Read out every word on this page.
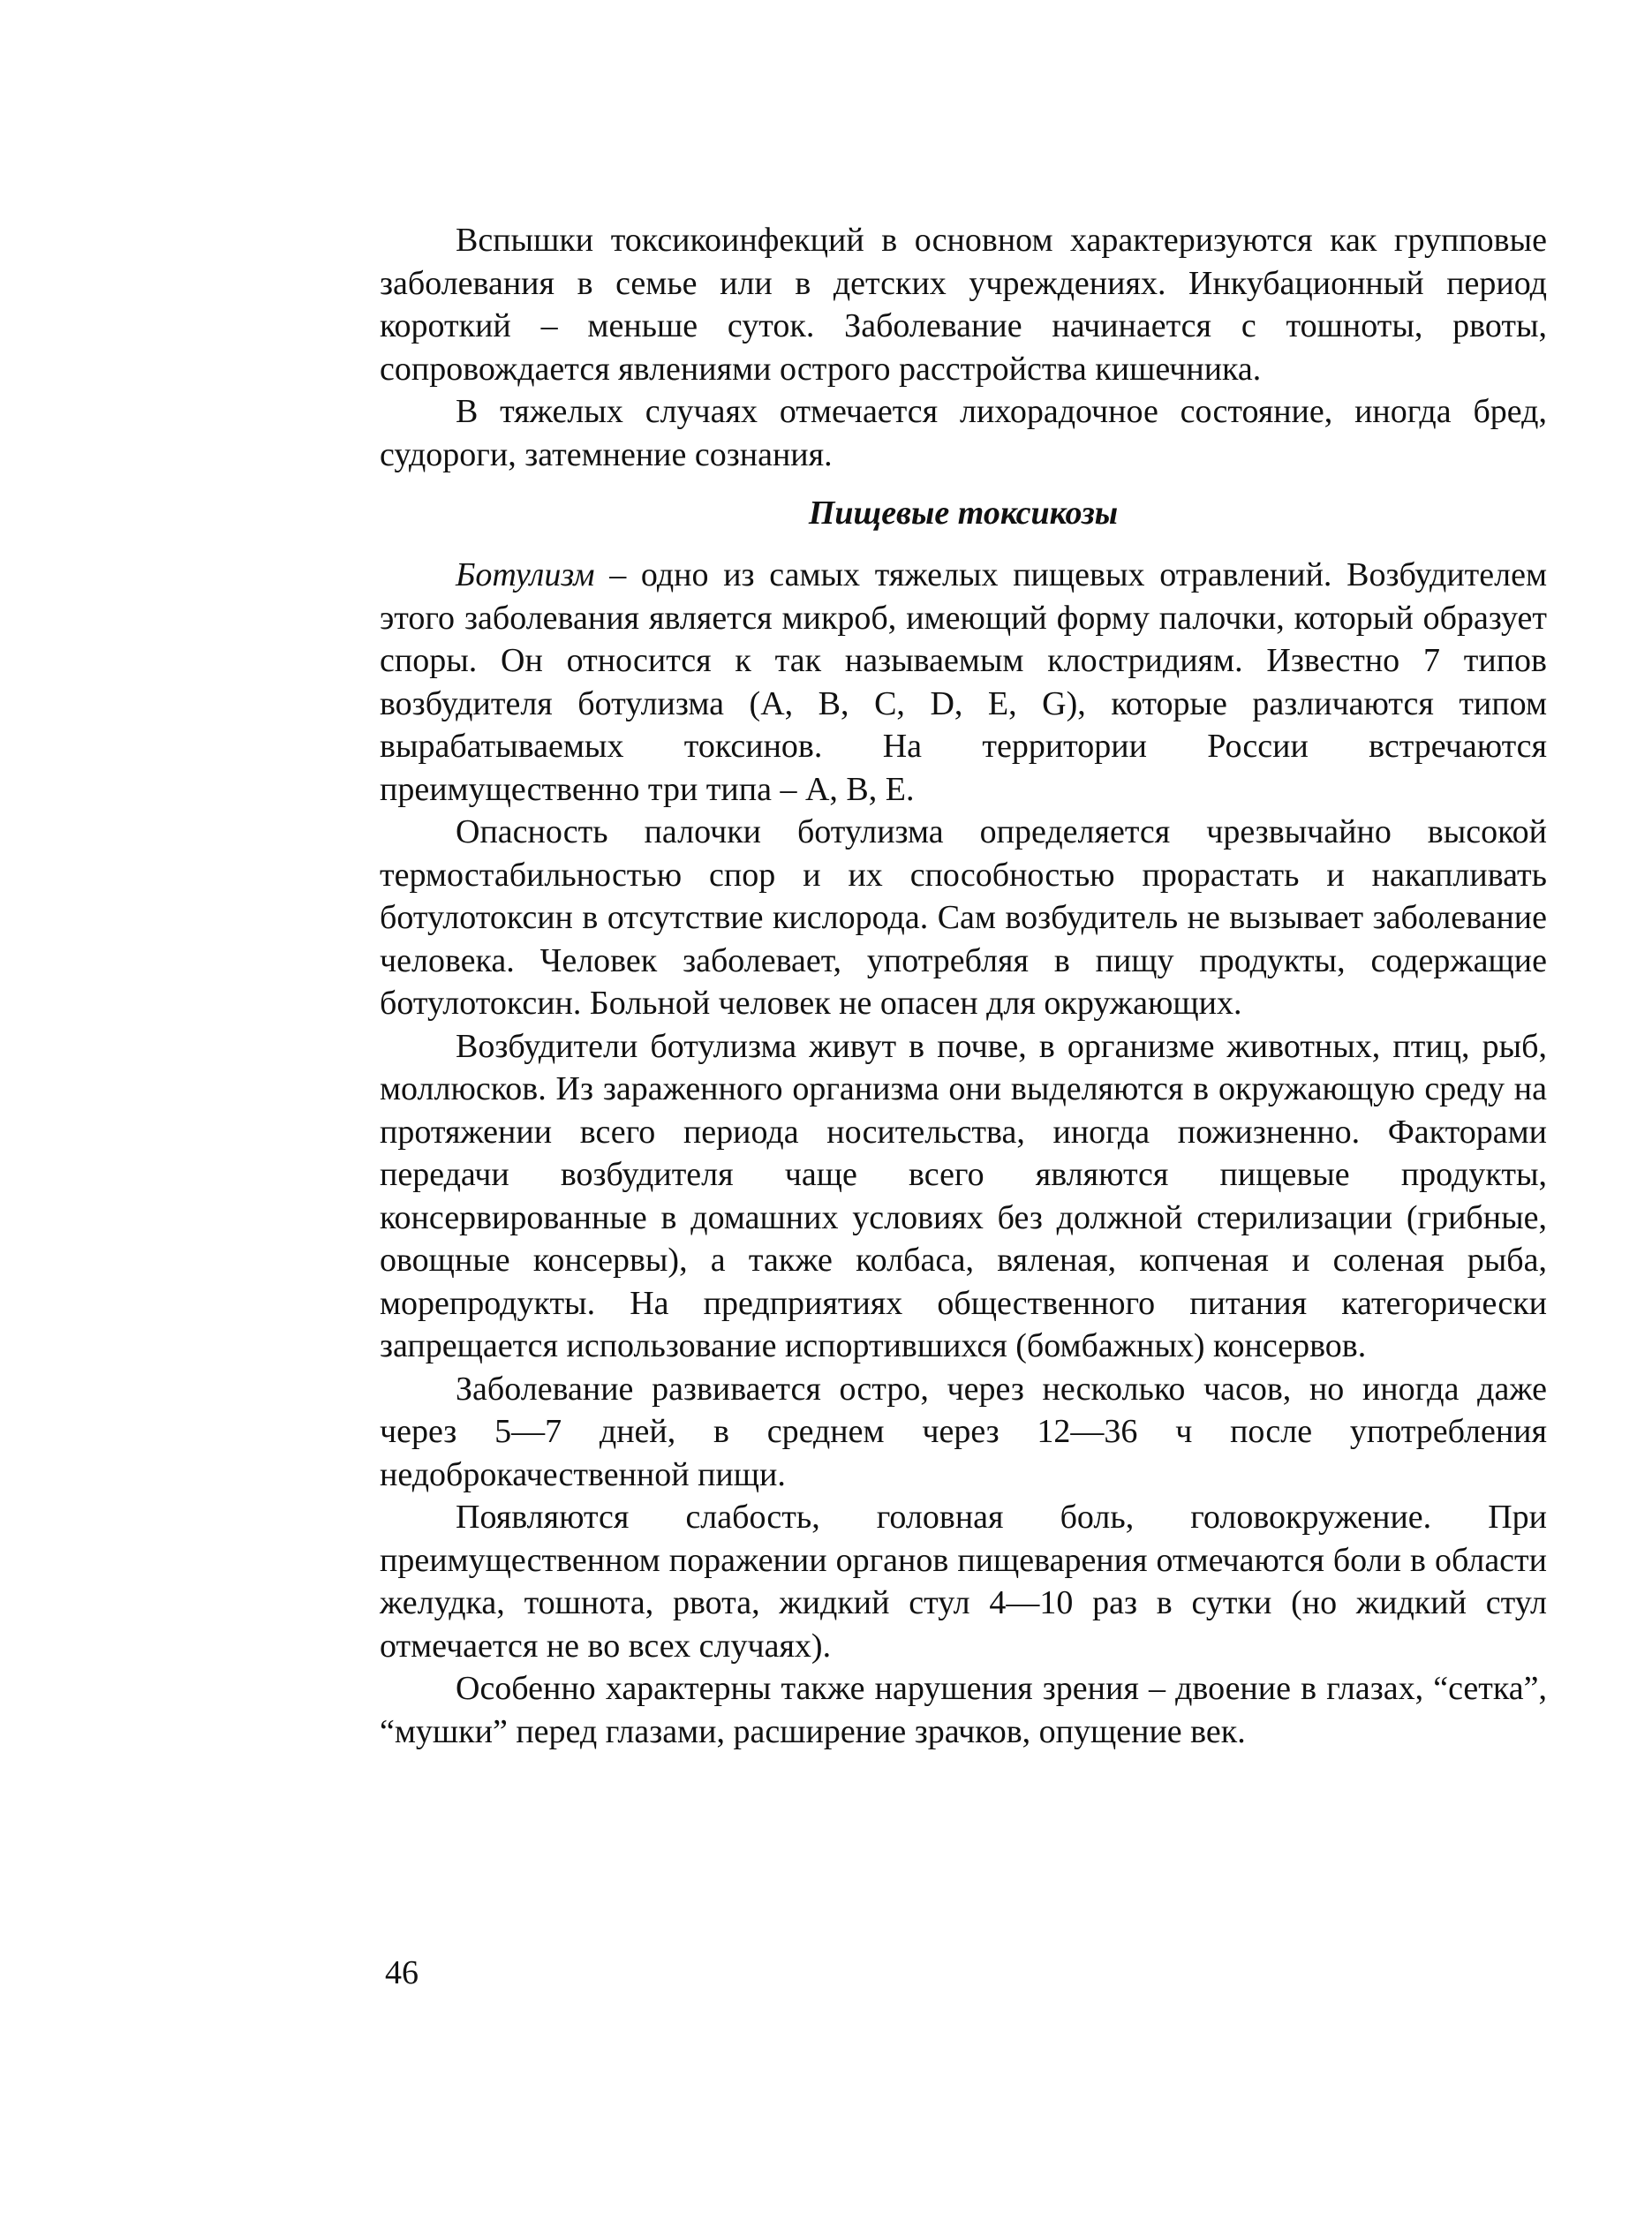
Вспышки токсикоинфекций в основном характеризуются как групповые заболевания в семье или в детских учреждениях. Инкубационный период короткий – меньше суток. Заболевание начинается с тошноты, рвоты, сопровождается явлениями острого расстройства кишечника.

В тяжелых случаях отмечается лихорадочное состояние, иногда бред, судороги, затемнение сознания.

Пищевые токсикозы

Ботулизм – одно из самых тяжелых пищевых отравлений. Возбудителем этого заболевания является микроб, имеющий форму палочки, который образует споры. Он относится к так называемым клостридиям. Известно 7 типов возбудителя ботулизма (А, В, С, D, Е, G), которые различаются типом вырабатываемых токсинов. На территории России встречаются преимущественно три типа – А, В, Е.

Опасность палочки ботулизма определяется чрезвычайно высокой термостабильностью спор и их способностью прорастать и накапливать ботулотоксин в отсутствие кислорода. Сам возбудитель не вызывает заболевание человека. Человек заболевает, употребляя в пищу продукты, содержащие ботулотоксин. Больной человек не опасен для окружающих.

Возбудители ботулизма живут в почве, в организме животных, птиц, рыб, моллюсков. Из зараженного организма они выделяются в окружающую среду на протяжении всего периода носительства, иногда пожизненно. Факторами передачи возбудителя чаще всего являются пищевые продукты, консервированные в домашних условиях без должной стерилизации (грибные, овощные консервы), а также колбаса, вяленая, копченая и соленая рыба, морепродукты. На предприятиях общественного питания категорически запрещается использование испортившихся (бомбажных) консервов.

Заболевание развивается остро, через несколько часов, но иногда даже через 5—7 дней, в среднем через 12—36 ч после употребления недоброкачественной пищи.

Появляются слабость, головная боль, головокружение. При преимущественном поражении органов пищеварения отмечаются боли в области желудка, тошнота, рвота, жидкий стул 4—10 раз в сутки (но жидкий стул отмечается не во всех случаях).

Особенно характерны также нарушения зрения – двоение в глазах, “сетка”, “мушки” перед глазами, расширение зрачков, опущение век.

46
